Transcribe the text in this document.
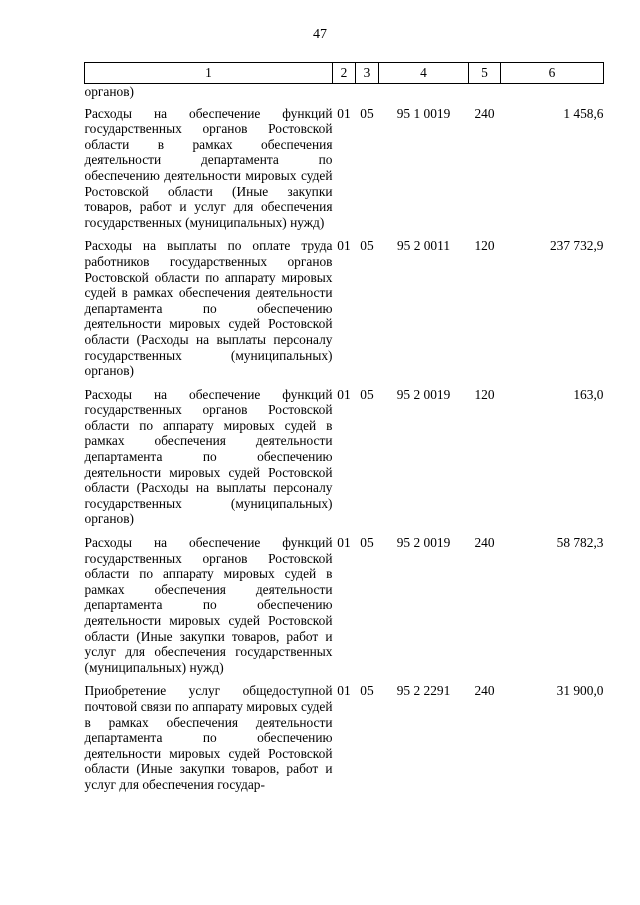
47
1	2	3	4	5	6
органов)					
Расходы на обеспечение функций государственных органов Ростовской области в рамках обеспечения деятельности департамента по обеспечению деятельности мировых судей Ростовской области (Иные закупки товаров, работ и услуг для обеспечения государственных (муниципальных) нужд)	01	05	95 1 0019	240	1 458,6
Расходы на выплаты по оплате труда работников государственных органов Ростовской области по аппарату мировых судей в рамках обеспечения деятельности департамента по обеспечению деятельности мировых судей Ростовской области (Расходы на выплаты персоналу государственных (муниципальных) органов)	01	05	95 2 0011	120	237 732,9
Расходы на обеспечение функций государственных органов Ростовской области по аппарату мировых судей в рамках обеспечения деятельности департамента по обеспечению деятельности мировых судей Ростовской области (Расходы на выплаты персоналу государственных (муниципальных) органов)	01	05	95 2 0019	120	163,0
Расходы на обеспечение функций государственных органов Ростовской области по аппарату мировых судей в рамках обеспечения деятельности департамента по обеспечению деятельности мировых судей Ростовской области (Иные закупки товаров, работ и услуг для обеспечения государственных (муниципальных) нужд)	01	05	95 2 0019	240	58 782,3
Приобретение услуг общедоступной почтовой связи по аппарату мировых судей в рамках обеспечения деятельности департамента по обеспечению деятельности мировых судей Ростовской области (Иные закупки товаров, работ и услуг для обеспечения государ-	01	05	95 2 2291	240	31 900,0
